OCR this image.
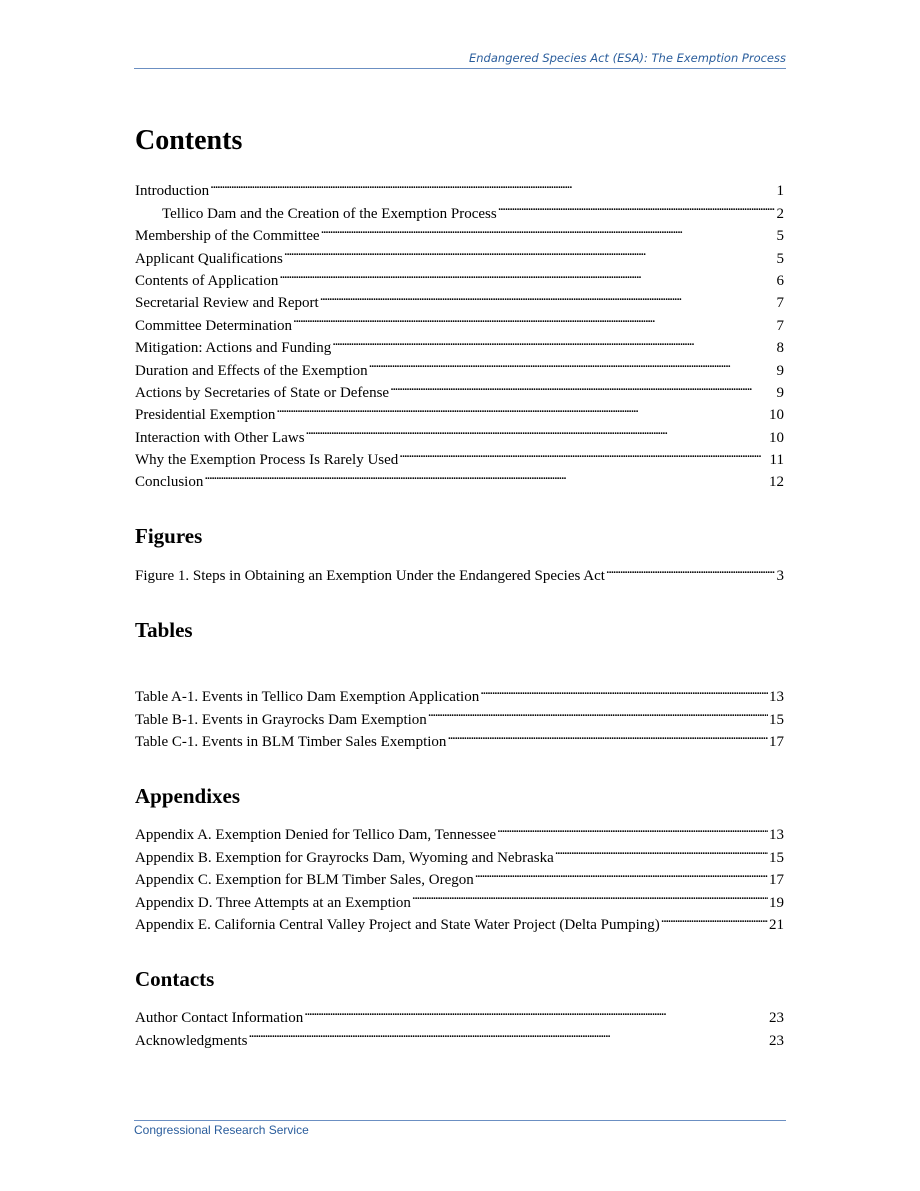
Endangered Species Act (ESA): The Exemption Process
Contents
Introduction . . .	1
Tellico Dam and the Creation of the Exemption Process . . .	2
Membership of the Committee . . .	5
Applicant Qualifications . . .	5
Contents of Application . . .	6
Secretarial Review and Report . . .	7
Committee Determination . . .	7
Mitigation: Actions and Funding . . .	8
Duration and Effects of the Exemption . . .	9
Actions by Secretaries of State or Defense . . .	9
Presidential Exemption . . .	10
Interaction with Other Laws . . .	10
Why the Exemption Process Is Rarely Used . . .	11
Conclusion . . .	12
Figures
Figure 1. Steps in Obtaining an Exemption Under the Endangered Species Act . . .	3
Tables
Table A-1. Events in Tellico Dam Exemption Application . . .	13
Table B-1. Events in Grayrocks Dam Exemption . . .	15
Table C-1. Events in BLM Timber Sales Exemption . . .	17
Appendixes
Appendix A. Exemption Denied for Tellico Dam, Tennessee . . .	13
Appendix B. Exemption for Grayrocks Dam, Wyoming and Nebraska . . .	15
Appendix C. Exemption for BLM Timber Sales, Oregon . . .	17
Appendix D. Three Attempts at an Exemption . . .	19
Appendix E. California Central Valley Project and State Water Project (Delta Pumping) . . .	21
Contacts
Author Contact Information . . .	23
Acknowledgments . . .	23
Congressional Research Service
